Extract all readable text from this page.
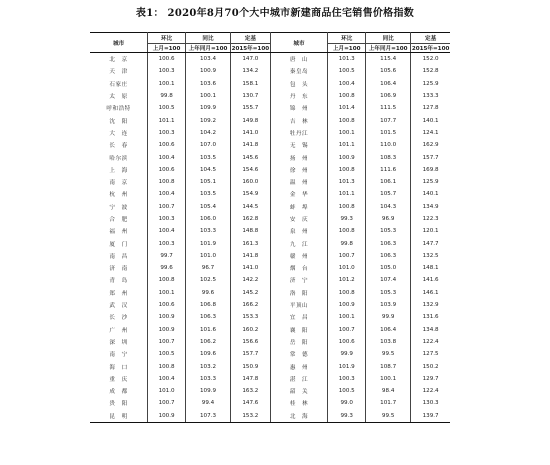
表1： 2020年8月70个大中城市新建商品住宅销售价格指数
城市	环比	同比	定基	城市	环比	同比	定基
	上月=100	上年同月=100	2015年=100		上月=100	上年同月=100	2015年=100
北　京	100.6	103.4	147.0	唐　山	101.3	115.4	152.0
天　津	100.3	100.9	134.2	秦皇岛	100.5	105.6	152.8
石家庄	100.1	103.6	158.1	包　头	100.4	106.4	125.9
太　原	99.8	100.1	130.7	丹　东	100.8	106.9	133.3
呼和浩特	100.5	109.9	155.7	锦　州	101.4	111.5	127.8
沈　阳	101.1	109.2	149.8	吉　林	100.8	107.7	140.1
大　连	100.3	104.2	141.0	牡丹江	100.1	101.5	124.1
长　春	100.6	107.0	141.8	无　锡	101.1	110.0	162.9
哈尔滨	100.4	103.5	145.6	扬　州	100.9	108.3	157.7
上　海	100.6	104.5	154.6	徐　州	100.8	111.6	169.8
南　京	100.8	105.1	160.0	温　州	101.3	106.1	125.9
杭　州	100.4	103.5	154.9	金　华	101.1	105.7	140.1
宁　波	100.7	105.4	144.5	蚌　埠	100.8	104.3	134.9
合　肥	100.3	106.0	162.8	安　庆	99.3	96.9	122.3
福　州	100.4	103.3	148.8	泉　州	100.8	105.3	120.1
厦　门	100.3	101.9	161.3	九　江	99.8	106.3	147.7
南　昌	99.7	101.0	141.8	赣　州	100.7	106.3	132.5
济　南	99.6	96.7	141.0	烟　台	101.0	105.0	148.1
青　岛	100.8	102.5	142.2	济　宁	101.2	107.4	141.6
郑　州	100.1	99.6	145.2	洛　阳	100.8	105.3	146.1
武　汉	100.6	106.8	166.2	平顶山	100.9	103.9	132.9
长　沙	100.9	106.3	153.3	宜　昌	100.1	99.9	131.6
广　州	100.9	101.6	160.2	襄　阳	100.7	106.4	134.8
深　圳	100.7	106.2	156.6	岳　阳	100.6	103.8	122.4
南　宁	100.5	109.6	157.7	常　德	99.9	99.5	127.5
海　口	100.8	103.2	150.9	惠　州	101.9	108.7	150.2
重　庆	100.4	103.3	147.8	湛　江	100.3	100.1	129.7
成　都	101.0	109.9	163.2	韶　关	100.5	98.4	122.4
贵　阳	100.7	99.4	147.6	桂　林	99.0	101.7	130.3
昆　明	100.9	107.3	153.2	北　海	99.3	99.5	139.7
